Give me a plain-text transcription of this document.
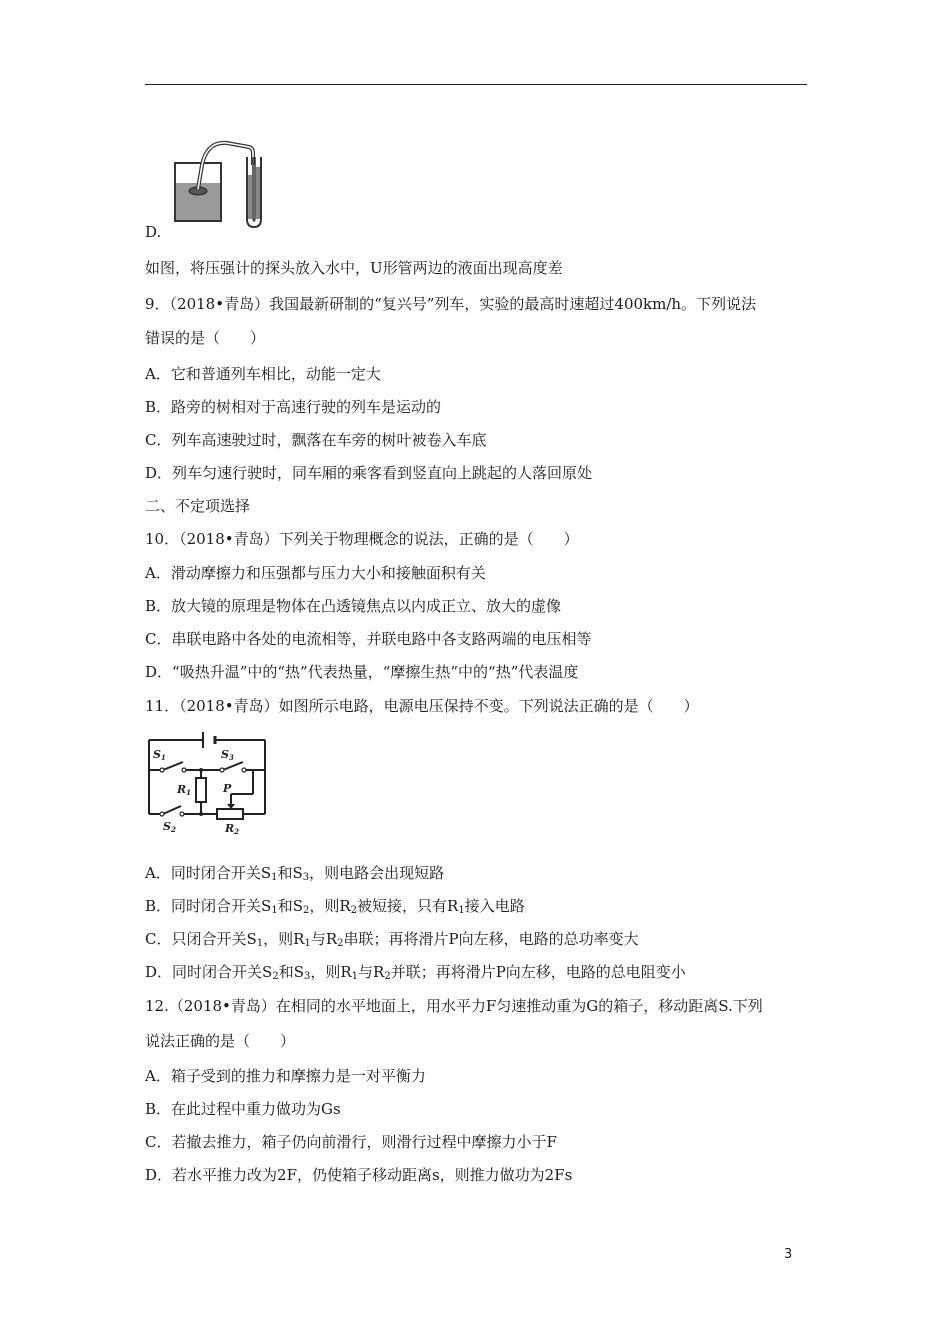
D.
如图，将压强计的探头放入水中，U形管两边的液面出现高度差
9．（2018•青岛）我国最新研制的“复兴号”列车，实验的最高时速超过400km/h。下列说法
错误的是（　　）
A．它和普通列车相比，动能一定大
B．路旁的树相对于高速行驶的列车是运动的
C．列车高速驶过时，飘落在车旁的树叶被卷入车底
D．列车匀速行驶时，同车厢的乘客看到竖直向上跳起的人落回原处
二、不定项选择
10．（2018•青岛）下列关于物理概念的说法，正确的是（　　）
A．滑动摩擦力和压强都与压力大小和接触面积有关
B．放大镜的原理是物体在凸透镜焦点以内成正立、放大的虚像
C．串联电路中各处的电流相等，并联电路中各支路两端的电压相等
D．“吸热升温”中的“热”代表热量，“摩擦生热”中的“热”代表温度
11．（2018•青岛）如图所示电路，电源电压保持不变。下列说法正确的是（　　）
S1	S3
R1	P
S2	R2
A．同时闭合开关$S_1$和$S_3$，则电路会出现短路
B．同时闭合开关$S_1$和$S_2$，则$R_2$被短接，只有$R_1$接入电路
C．只闭合开关$S_1$，则$R_1$与$R_2$串联；再将滑片P向左移，电路的总功率变大
D．同时闭合开关$S_2$和$S_3$，则$R_1$与$R_2$并联；再将滑片P向左移，电路的总电阻变小
12.（2018•青岛）在相同的水平地面上，用水平力F匀速推动重为G的箱子，移动距离S.下列
说法正确的是（　　）
A．箱子受到的推力和摩擦力是一对平衡力
B．在此过程中重力做功为Gs
C．若撤去推力，箱子仍向前滑行，则滑行过程中摩擦力小于F
D．若水平推力改为2F，仍使箱子移动距离s，则推力做功为2Fs
3
